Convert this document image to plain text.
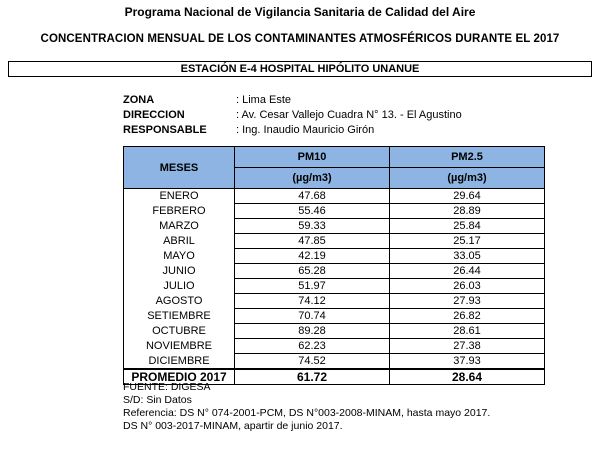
Programa Nacional de Vigilancia Sanitaria de Calidad del Aire
CONCENTRACION MENSUAL DE LOS CONTAMINANTES ATMOSFÉRICOS DURANTE EL 2017
ESTACIÓN E-4 HOSPITAL HIPÓLITO UNANUE
ZONA	: Lima Este
DIRECCION	: Av. Cesar Vallejo Cuadra N° 13. - El Agustino
RESPONSABLE	: Ing. Inaudio Mauricio Girón
MESES	PM10	PM2.5
	(µg/m3)	(µg/m3)
ENERO	47.68	29.64
FEBRERO	55.46	28.89
MARZO	59.33	25.84
ABRIL	47.85	25.17
MAYO	42.19	33.05
JUNIO	65.28	26.44
JULIO	51.97	26.03
AGOSTO	74.12	27.93
SETIEMBRE	70.74	26.82
OCTUBRE	89.28	28.61
NOVIEMBRE	62.23	27.38
DICIEMBRE	74.52	37.93
PROMEDIO 2017	61.72	28.64
FUENTE: DIGESA
S/D: Sin Datos
Referencia: DS N° 074-2001-PCM, DS N°003-2008-MINAM, hasta mayo 2017.
DS N° 003-2017-MINAM, apartir de junio 2017.
